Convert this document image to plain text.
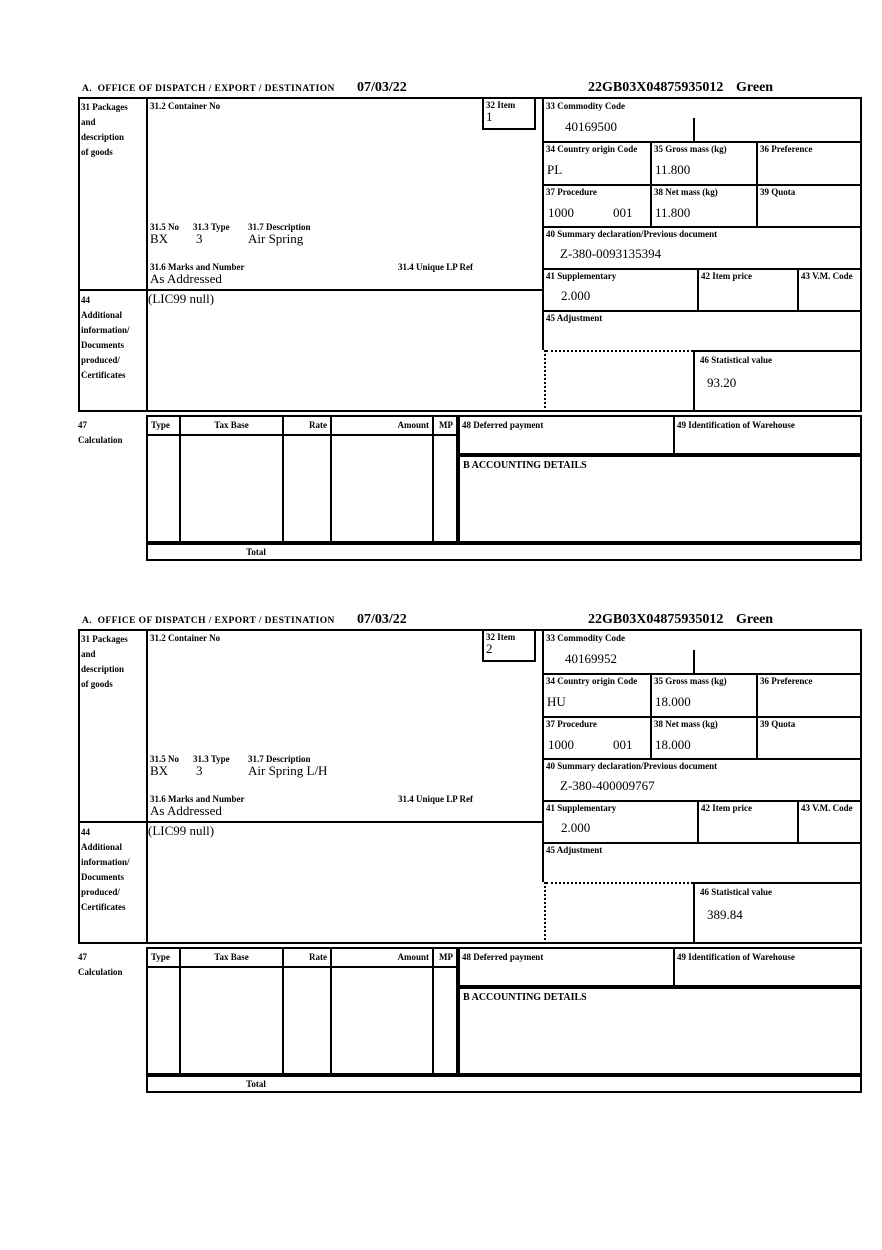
A.  OFFICE OF DISPATCH / EXPORT / DESTINATION 07/03/22	22GB03X04875935012 Green
31 Packages
and
description
of goods
31.2 Container No
31.5 No 31.3 Type 31.7 Description
BX 3	Air Spring
31.6 Marks and Number	31.4 Unique LP Ref
As Addressed
32 Item
1
33 Commodity Code
40169500
34 Country origin Code
PL
35 Gross mass (kg)
11.800
36 Preference
37 Procedure
1000	001
38 Net mass (kg)
11.800
39 Quota
40 Summary declaration/Previous document
Z-380-0093135394
41 Supplementary
2.000
42 Item price	43 V.M. Code
45 Adjustment
46 Statistical value
93.20
44
Additional
information/
Documents
produced/
Certificates
(LIC99 null)
47
Calculation
Type	Tax Base	Rate	Amount	MP	48 Deferred payment	49 Identification of Warehouse
B ACCOUNTING DETAILS
Total
A.  OFFICE OF DISPATCH / EXPORT / DESTINATION 07/03/22	22GB03X04875935012 Green
31 Packages
and
description
of goods
31.2 Container No
31.5 No 31.3 Type 31.7 Description
BX 3	Air Spring L/H
31.6 Marks and Number	31.4 Unique LP Ref
As Addressed
32 Item
2
33 Commodity Code
40169952
34 Country origin Code
HU
35 Gross mass (kg)
18.000
36 Preference
37 Procedure
1000	001
38 Net mass (kg)
18.000
39 Quota
40 Summary declaration/Previous document
Z-380-400009767
41 Supplementary
2.000
42 Item price	43 V.M. Code
45 Adjustment
46 Statistical value
389.84
44
Additional
information/
Documents
produced/
Certificates
(LIC99 null)
47
Calculation
Type	Tax Base	Rate	Amount	MP	48 Deferred payment	49 Identification of Warehouse
B ACCOUNTING DETAILS
Total
